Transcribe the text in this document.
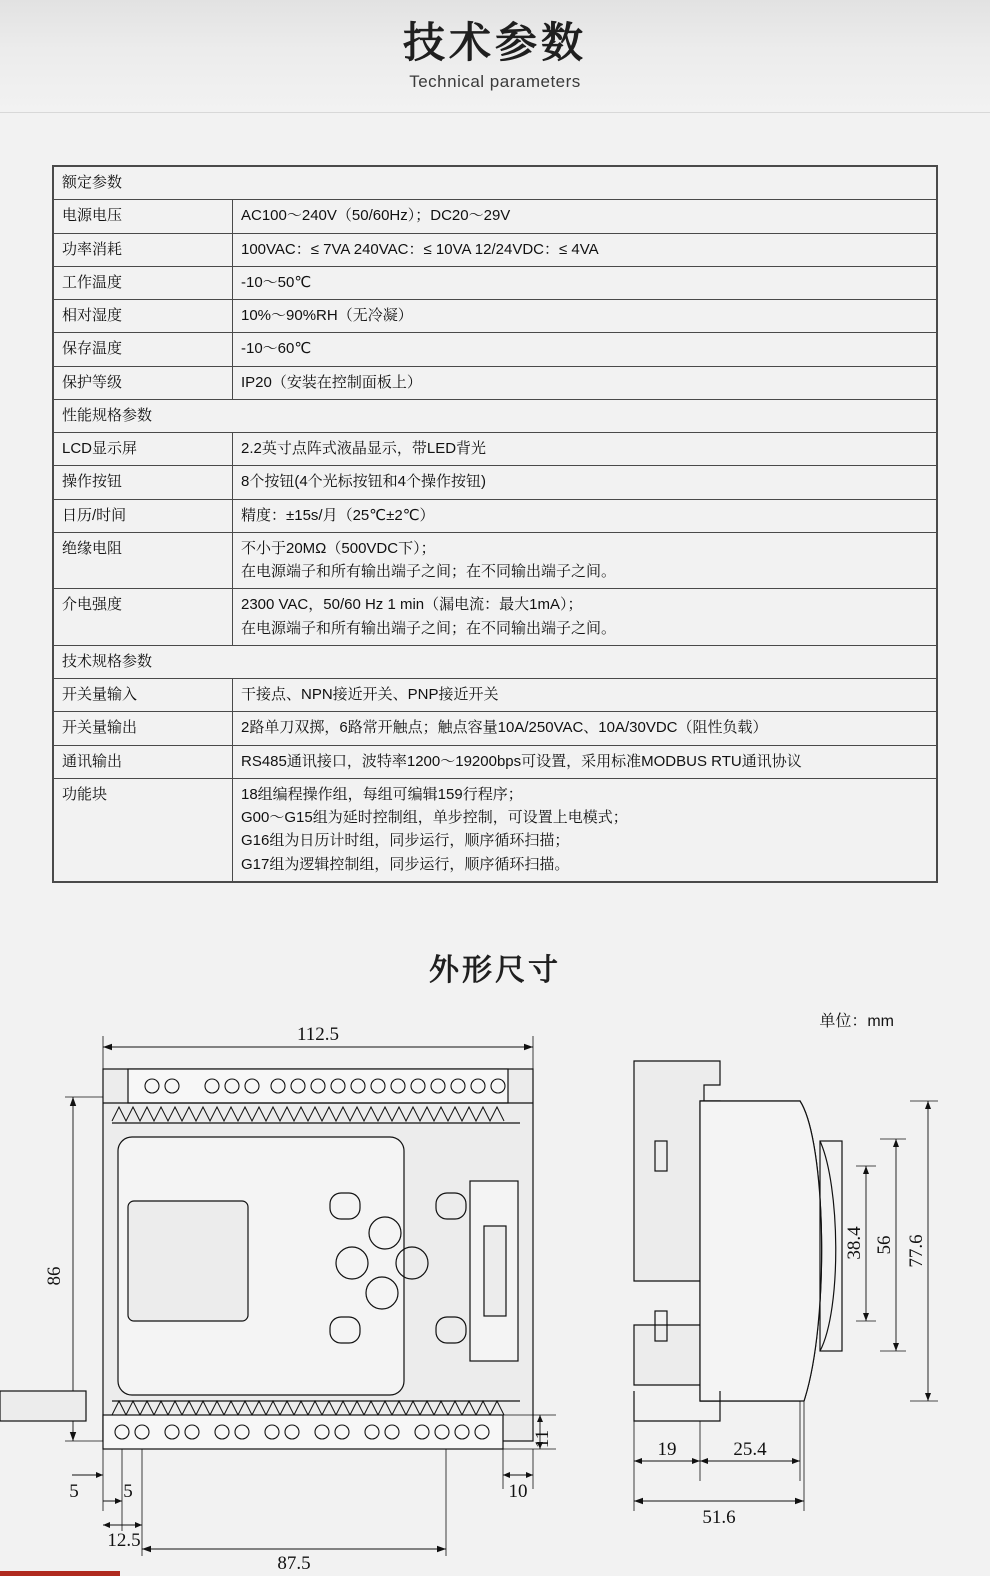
技术参数
Technical parameters
额定参数	
电源电压	AC100～240V（50/60Hz）；DC20～29V

功率消耗	100VAC：≤ 7VA 240VAC：≤ 10VA 12/24VDC：≤ 4VA

工作温度	-10～50℃

相对湿度	10%～90%RH（无冷凝）

保存温度	-10～60℃

保护等级	IP20（安装在控制面板上）

性能规格参数	
LCD显示屏	2.2英寸点阵式液晶显示，带LED背光

操作按钮	8个按钮(4个光标按钮和4个操作按钮)

日历/时间	精度：±15s/月（25℃±2℃）

绝缘电阻	不小于20MΩ（500VDC下）；
在电源端子和所有输出端子之间；在不同输出端子之间。

介电强度	2300 VAC，50/60 Hz 1 min（漏电流：最大1mA）；
在电源端子和所有输出端子之间；在不同输出端子之间。

技术规格参数	
开关量输入	干接点、NPN接近开关、PNP接近开关

开关量输出	2路单刀双掷，6路常开触点；触点容量10A/250VAC、10A/30VDC（阻性负载）

通讯输出	RS485通讯接口，波特率1200～19200bps可设置，采用标准MODBUS RTU通讯协议

功能块	18组编程操作组，每组可编辑159行程序；
G00～G15组为延时控制组，单步控制，可设置上电模式；
G16组为日历计时组，同步运行，顺序循环扫描；
G17组为逻辑控制组，同步运行，顺序循环扫描。
外形尺寸
单位：mm
112.5
86
11
10
5 5
12.5
87.5
38.4 56 77.6
19	25.4
51.6
